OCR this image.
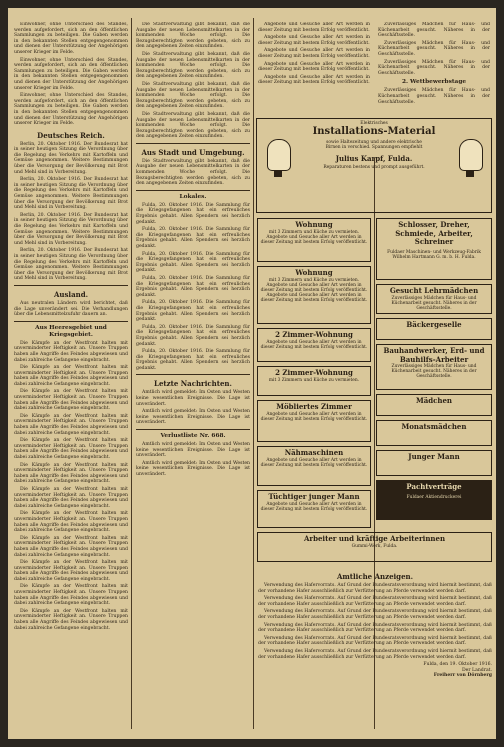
Einwohner, ohne Unterschied des Standes, werden aufgefordert, sich an den öffentlichen Sammlungen zu beteiligen. Die Gaben werden in den bekannten Stellen entgegengenommen und dienen der Unterstützung der Angehörigen unserer Krieger im Felde.

Einwohner, ohne Unterschied des Standes, werden aufgefordert, sich an den öffentlichen Sammlungen zu beteiligen. Die Gaben werden in den bekannten Stellen entgegengenommen und dienen der Unterstützung der Angehörigen unserer Krieger im Felde.

Einwohner, ohne Unterschied des Standes, werden aufgefordert, sich an den öffentlichen Sammlungen zu beteiligen. Die Gaben werden in den bekannten Stellen entgegengenommen und dienen der Unterstützung der Angehörigen unserer Krieger im Felde.

Deutsches Reich.

Berlin, 20. Oktober 1916. Der Bundesrat hat in seiner heutigen Sitzung die Verordnung über die Regelung des Verkehrs mit Kartoffeln und Gemüse angenommen. Weitere Bestimmungen über die Versorgung der Bevölkerung mit Brot und Mehl sind in Vorbereitung.

Berlin, 20. Oktober 1916. Der Bundesrat hat in seiner heutigen Sitzung die Verordnung über die Regelung des Verkehrs mit Kartoffeln und Gemüse angenommen. Weitere Bestimmungen über die Versorgung der Bevölkerung mit Brot und Mehl sind in Vorbereitung.

Berlin, 20. Oktober 1916. Der Bundesrat hat in seiner heutigen Sitzung die Verordnung über die Regelung des Verkehrs mit Kartoffeln und Gemüse angenommen. Weitere Bestimmungen über die Versorgung der Bevölkerung mit Brot und Mehl sind in Vorbereitung.

Berlin, 20. Oktober 1916. Der Bundesrat hat in seiner heutigen Sitzung die Verordnung über die Regelung des Verkehrs mit Kartoffeln und Gemüse angenommen. Weitere Bestimmungen über die Versorgung der Bevölkerung mit Brot und Mehl sind in Vorbereitung.

Ausland.

Aus neutralen Ländern wird berichtet, daß die Lage unverändert sei. Die Verhandlungen über die Lebensmittelzufuhr dauern an.

Aus Heeresgebiet und Kriegsgebiet.

Die Kämpfe an der Westfront halten mit unverminderter Heftigkeit an. Unsere Truppen haben alle Angriffe des Feindes abgewiesen und dabei zahlreiche Gefangene eingebracht.

Die Kämpfe an der Westfront halten mit unverminderter Heftigkeit an. Unsere Truppen haben alle Angriffe des Feindes abgewiesen und dabei zahlreiche Gefangene eingebracht.

Die Kämpfe an der Westfront halten mit unverminderter Heftigkeit an. Unsere Truppen haben alle Angriffe des Feindes abgewiesen und dabei zahlreiche Gefangene eingebracht.

Die Kämpfe an der Westfront halten mit unverminderter Heftigkeit an. Unsere Truppen haben alle Angriffe des Feindes abgewiesen und dabei zahlreiche Gefangene eingebracht.

Die Kämpfe an der Westfront halten mit unverminderter Heftigkeit an. Unsere Truppen haben alle Angriffe des Feindes abgewiesen und dabei zahlreiche Gefangene eingebracht.

Die Kämpfe an der Westfront halten mit unverminderter Heftigkeit an. Unsere Truppen haben alle Angriffe des Feindes abgewiesen und dabei zahlreiche Gefangene eingebracht.

Die Kämpfe an der Westfront halten mit unverminderter Heftigkeit an. Unsere Truppen haben alle Angriffe des Feindes abgewiesen und dabei zahlreiche Gefangene eingebracht.

Die Kämpfe an der Westfront halten mit unverminderter Heftigkeit an. Unsere Truppen haben alle Angriffe des Feindes abgewiesen und dabei zahlreiche Gefangene eingebracht.

Die Kämpfe an der Westfront halten mit unverminderter Heftigkeit an. Unsere Truppen haben alle Angriffe des Feindes abgewiesen und dabei zahlreiche Gefangene eingebracht.

Die Kämpfe an der Westfront halten mit unverminderter Heftigkeit an. Unsere Truppen haben alle Angriffe des Feindes abgewiesen und dabei zahlreiche Gefangene eingebracht.

Die Kämpfe an der Westfront halten mit unverminderter Heftigkeit an. Unsere Truppen haben alle Angriffe des Feindes abgewiesen und dabei zahlreiche Gefangene eingebracht.

Die Kämpfe an der Westfront halten mit unverminderter Heftigkeit an. Unsere Truppen haben alle Angriffe des Feindes abgewiesen und dabei zahlreiche Gefangene eingebracht.

Die Stadtverwaltung gibt bekannt, daß die Ausgabe der neuen Lebensmittelkarten in der kommenden Woche erfolgt. Die Bezugsberechtigten werden gebeten, sich zu den angegebenen Zeiten einzufinden.

Die Stadtverwaltung gibt bekannt, daß die Ausgabe der neuen Lebensmittelkarten in der kommenden Woche erfolgt. Die Bezugsberechtigten werden gebeten, sich zu den angegebenen Zeiten einzufinden.

Die Stadtverwaltung gibt bekannt, daß die Ausgabe der neuen Lebensmittelkarten in der kommenden Woche erfolgt. Die Bezugsberechtigten werden gebeten, sich zu den angegebenen Zeiten einzufinden.

Die Stadtverwaltung gibt bekannt, daß die Ausgabe der neuen Lebensmittelkarten in der kommenden Woche erfolgt. Die Bezugsberechtigten werden gebeten, sich zu den angegebenen Zeiten einzufinden.

Aus Stadt und Umgebung.

Die Stadtverwaltung gibt bekannt, daß die Ausgabe der neuen Lebensmittelkarten in der kommenden Woche erfolgt. Die Bezugsberechtigten werden gebeten, sich zu den angegebenen Zeiten einzufinden.

Lokales.

Fulda, 20. Oktober 1916. Die Sammlung für die Kriegsgefangenen hat ein erfreuliches Ergebnis gehabt. Allen Spendern sei herzlich gedankt.

Fulda, 20. Oktober 1916. Die Sammlung für die Kriegsgefangenen hat ein erfreuliches Ergebnis gehabt. Allen Spendern sei herzlich gedankt.

Fulda, 20. Oktober 1916. Die Sammlung für die Kriegsgefangenen hat ein erfreuliches Ergebnis gehabt. Allen Spendern sei herzlich gedankt.

Fulda, 20. Oktober 1916. Die Sammlung für die Kriegsgefangenen hat ein erfreuliches Ergebnis gehabt. Allen Spendern sei herzlich gedankt.

Fulda, 20. Oktober 1916. Die Sammlung für die Kriegsgefangenen hat ein erfreuliches Ergebnis gehabt. Allen Spendern sei herzlich gedankt.

Fulda, 20. Oktober 1916. Die Sammlung für die Kriegsgefangenen hat ein erfreuliches Ergebnis gehabt. Allen Spendern sei herzlich gedankt.

Fulda, 20. Oktober 1916. Die Sammlung für die Kriegsgefangenen hat ein erfreuliches Ergebnis gehabt. Allen Spendern sei herzlich gedankt.

Letzte Nachrichten.

Amtlich wird gemeldet: Im Osten und Westen keine wesentlichen Ereignisse. Die Lage ist unverändert.

Amtlich wird gemeldet: Im Osten und Westen keine wesentlichen Ereignisse. Die Lage ist unverändert.

Verlustliste Nr. 668.

Amtlich wird gemeldet: Im Osten und Westen keine wesentlichen Ereignisse. Die Lage ist unverändert.

Amtlich wird gemeldet: Im Osten und Westen keine wesentlichen Ereignisse. Die Lage ist unverändert.

Angebote und Gesuche aller Art werden in dieser Zeitung mit bestem Erfolg veröffentlicht.

Angebote und Gesuche aller Art werden in dieser Zeitung mit bestem Erfolg veröffentlicht.

Angebote und Gesuche aller Art werden in dieser Zeitung mit bestem Erfolg veröffentlicht.

Angebote und Gesuche aller Art werden in dieser Zeitung mit bestem Erfolg veröffentlicht.

Angebote und Gesuche aller Art werden in dieser Zeitung mit bestem Erfolg veröffentlicht.

Zuverlässiges Mädchen für Haus- und Küchenarbeit gesucht. Näheres in der Geschäftsstelle.

Zuverlässiges Mädchen für Haus- und Küchenarbeit gesucht. Näheres in der Geschäftsstelle.

Zuverlässiges Mädchen für Haus- und Küchenarbeit gesucht. Näheres in der Geschäftsstelle.

2. Wettbewerbstage

Zuverlässiges Mädchen für Haus- und Küchenarbeit gesucht. Näheres in der Geschäftsstelle.

Elektrisches
Installations-Material
sowie Haltezeitung und andere elektrische
Birnen in verschied. Spannungen empfiehlt
Julius Karpf, Fulda.
Reparaturen bestens und prompt ausgeführt.
Wohnung
mit 3 Zimmern und Küche zu vermieten.
Angebote und Gesuche aller Art werden in dieser Zeitung mit bestem Erfolg veröffentlicht.
Wohnung
mit 3 Zimmern und Küche zu vermieten.
Angebote und Gesuche aller Art werden in dieser Zeitung mit bestem Erfolg veröffentlicht.
Angebote und Gesuche aller Art werden in dieser Zeitung mit bestem Erfolg veröffentlicht.
2 Zimmer-Wohnung
Angebote und Gesuche aller Art werden in dieser Zeitung mit bestem Erfolg veröffentlicht.
2 Zimmer-Wohnung
mit 3 Zimmern und Küche zu vermieten.
Möbliertes Zimmer
Angebote und Gesuche aller Art werden in dieser Zeitung mit bestem Erfolg veröffentlicht.
Nähmaschinen
Angebote und Gesuche aller Art werden in dieser Zeitung mit bestem Erfolg veröffentlicht.
Tüchtiger junger Mann
Angebote und Gesuche aller Art werden in dieser Zeitung mit bestem Erfolg veröffentlicht.
Schlosser, Dreher, Schmiede, Arbeiter, Schreiner
Fuldaer Maschinen- und Werkzeug-Fabrik Wilhelm Hartmann G. m. b. H. Fulda.
Gesucht Lehrmädchen
Zuverlässiges Mädchen für Haus- und Küchenarbeit gesucht. Näheres in der Geschäftsstelle.
Bäckergeselle
Bauhandwerker, Erd- und Bauhilfs-Arbeiter
Zuverlässiges Mädchen für Haus- und Küchenarbeit gesucht. Näheres in der Geschäftsstelle.
Mädchen
Monatsmädchen
Junger Mann
Pachtverträge
Fuldaer Aktiendruckerei
Arbeiter und kräftige Arbeiterinnen
Gummi-Werk, Fulda.
Amtliche Anzeigen.

Verwendung des Hafervorrats. Auf Grund der Bundesratsverordnung wird hiermit bestimmt, daß der vorhandene Hafer ausschließlich zur Verfütterung an Pferde verwendet werden darf.

Verwendung des Hafervorrats. Auf Grund der Bundesratsverordnung wird hiermit bestimmt, daß der vorhandene Hafer ausschließlich zur Verfütterung an Pferde verwendet werden darf.

Verwendung des Hafervorrats. Auf Grund der Bundesratsverordnung wird hiermit bestimmt, daß der vorhandene Hafer ausschließlich zur Verfütterung an Pferde verwendet werden darf.

Verwendung des Hafervorrats. Auf Grund der Bundesratsverordnung wird hiermit bestimmt, daß der vorhandene Hafer ausschließlich zur Verfütterung an Pferde verwendet werden darf.

Verwendung des Hafervorrats. Auf Grund der Bundesratsverordnung wird hiermit bestimmt, daß der vorhandene Hafer ausschließlich zur Verfütterung an Pferde verwendet werden darf.

Verwendung des Hafervorrats. Auf Grund der Bundesratsverordnung wird hiermit bestimmt, daß der vorhandene Hafer ausschließlich zur Verfütterung an Pferde verwendet werden darf.

Fulda, den 19. Oktober 1916.
Der Landrat.
Freiherr von Dörnberg
